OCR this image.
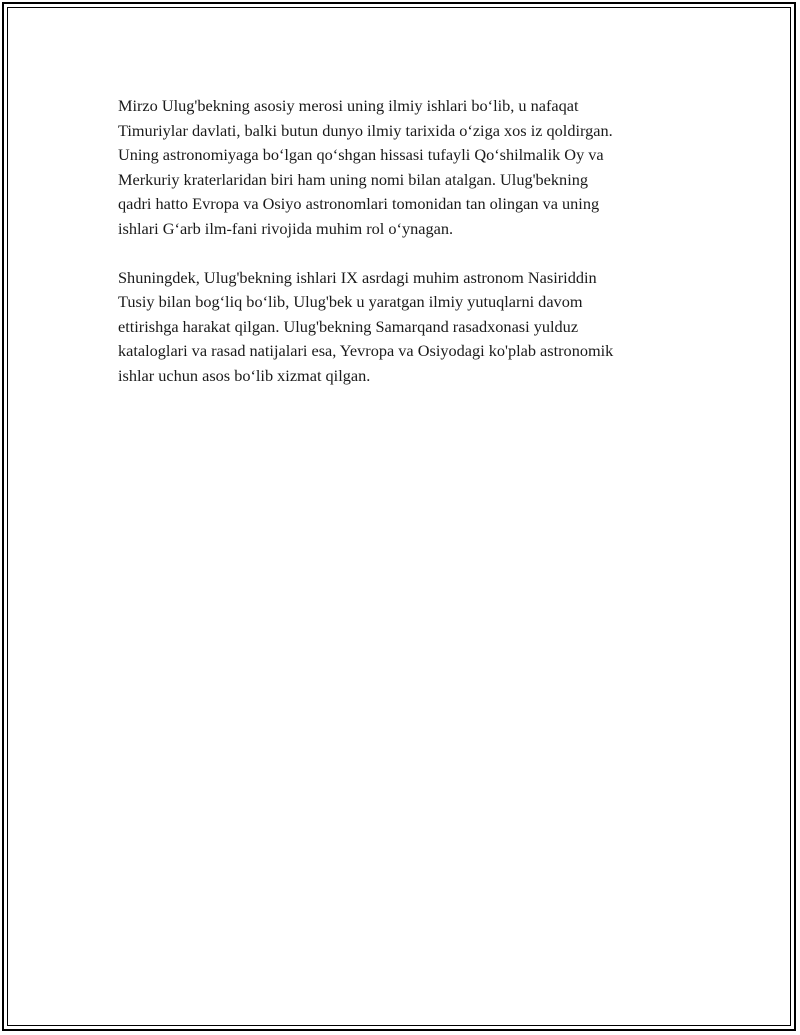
Mirzo Ulug'bekning asosiy merosi uning ilmiy ishlari bo‘lib, u nafaqat
Timuriylar davlati, balki butun dunyo ilmiy tarixida o‘ziga xos iz qoldirgan.
Uning astronomiyaga bo‘lgan qo‘shgan hissasi tufayli Qo‘shilmalik Oy va
Merkuriy kraterlaridan biri ham uning nomi bilan atalgan. Ulug'bekning
qadri hatto Evropa va Osiyo astronomlari tomonidan tan olingan va uning
ishlari G‘arb ilm-fani rivojida muhim rol o‘ynagan.

Shuningdek, Ulug'bekning ishlari IX asrdagi muhim astronom Nasiriddin
Tusiy bilan bog‘liq bo‘lib, Ulug'bek u yaratgan ilmiy yutuqlarni davom
ettirishga harakat qilgan. Ulug'bekning Samarqand rasadxonasi yulduz
kataloglari va rasad natijalari esa, Yevropa va Osiyodagi ko'plab astronomik
ishlar uchun asos bo‘lib xizmat qilgan.
